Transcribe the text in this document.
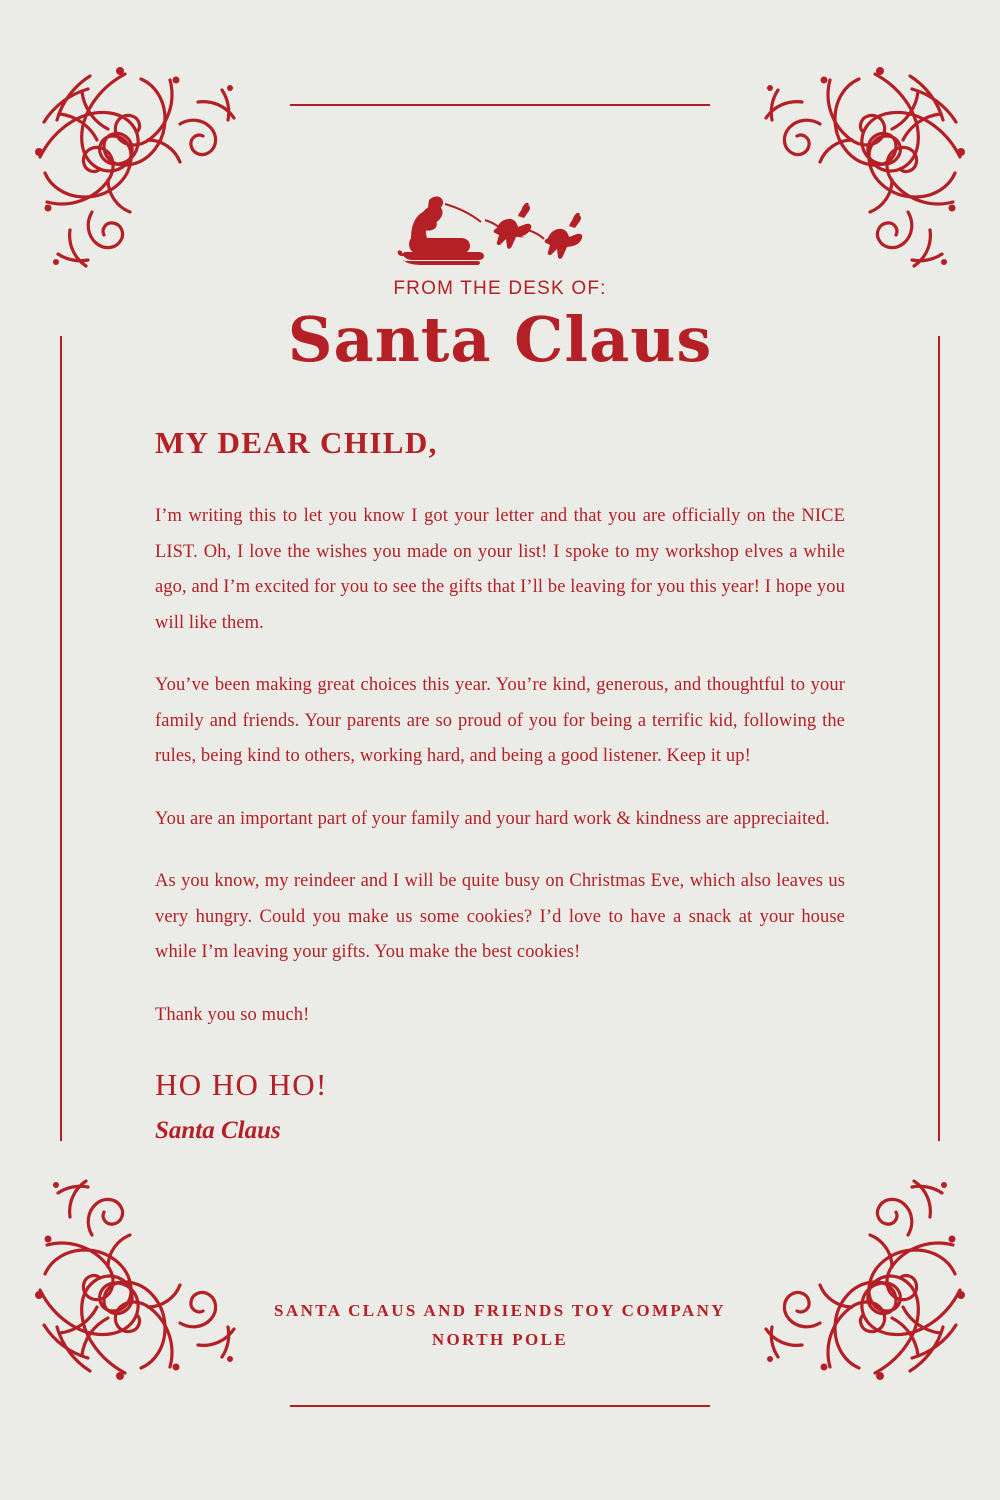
FROM THE DESK OF:
Santa Claus
MY DEAR CHILD,

I’m writing this to let you know I got your letter and that you are officially on the NICE LIST. Oh, I love the wishes you made on your list! I spoke to my workshop elves a while ago, and I’m excited for you to see the gifts that I’ll be leaving for you this year! I hope you will like them.

You’ve been making great choices this year. You’re kind, generous, and thoughtful to your family and friends. Your parents are so proud of you for being a terrific kid, following the rules, being kind to others, working hard, and being a good listener. Keep it up!

You are an important part of your family and your hard work & kindness are appreciaited.

As you know, my reindeer and I will be quite busy on Christmas Eve, which also leaves us very hungry. Could you make us some cookies? I’d love to have a snack at your house while I’m leaving your gifts. You make the best cookies!

Thank you so much!

HO HO HO!
Santa Claus
SANTA CLAUS AND FRIENDS TOY COMPANY
NORTH POLE
